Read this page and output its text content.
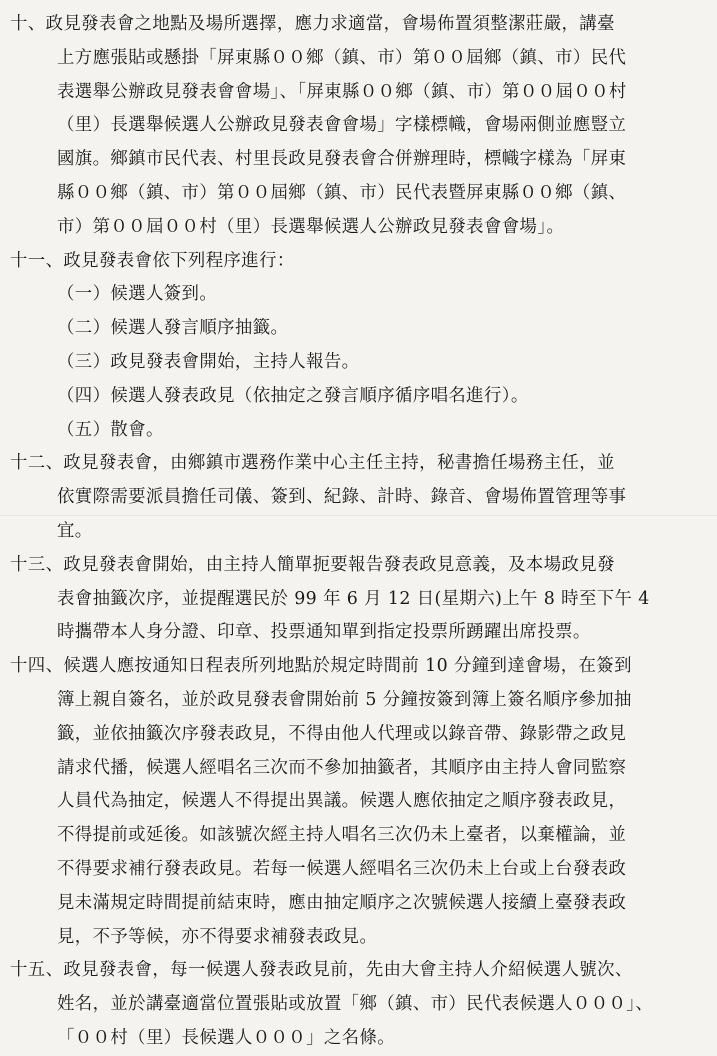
十、政見發表會之地點及場所選擇，應力求適當，會場佈置須整潔莊嚴，講臺
上方應張貼或懸掛「屏東縣００鄉（鎮、市）第００屆鄉（鎮、市）民代
表選舉公辦政見發表會會場」、「屏東縣００鄉（鎮、市）第００屆００村
（里）長選舉候選人公辦政見發表會會場」字樣標幟，會場兩側並應豎立
國旗。鄉鎮市民代表、村里長政見發表會合併辦理時，標幟字樣為「屏東
縣００鄉（鎮、市）第００屆鄉（鎮、市）民代表暨屏東縣００鄉（鎮、
市）第００屆００村（里）長選舉候選人公辦政見發表會會場」。
十一、政見發表會依下列程序進行：
（一）候選人簽到。
（二）候選人發言順序抽籤。
（三）政見發表會開始，主持人報告。
（四）候選人發表政見（依抽定之發言順序循序唱名進行）。
（五）散會。
十二、政見發表會，由鄉鎮市選務作業中心主任主持，秘書擔任場務主任，並
依實際需要派員擔任司儀、簽到、紀錄、計時、錄音、會場佈置管理等事
宜。
十三、政見發表會開始，由主持人簡單扼要報告發表政見意義，及本場政見發
表會抽籤次序，並提醒選民於 99 年 6 月 12 日(星期六)上午 8 時至下午 4
時攜帶本人身分證、印章、投票通知單到指定投票所踴躍出席投票。
十四、候選人應按通知日程表所列地點於規定時間前 10 分鐘到達會場，在簽到
簿上親自簽名，並於政見發表會開始前 5 分鐘按簽到簿上簽名順序參加抽
籤，並依抽籤次序發表政見，不得由他人代理或以錄音帶、錄影帶之政見
請求代播，候選人經唱名三次而不參加抽籤者，其順序由主持人會同監察
人員代為抽定，候選人不得提出異議。候選人應依抽定之順序發表政見，
不得提前或延後。如該號次經主持人唱名三次仍未上臺者，以棄權論，並
不得要求補行發表政見。若每一候選人經唱名三次仍未上台或上台發表政
見未滿規定時間提前結束時，應由抽定順序之次號候選人接續上臺發表政
見，不予等候，亦不得要求補發表政見。
十五、政見發表會，每一候選人發表政見前，先由大會主持人介紹候選人號次、
姓名，並於講臺適當位置張貼或放置「鄉（鎮、市）民代表候選人０００」、
「００村（里）長候選人０００」之名條。
